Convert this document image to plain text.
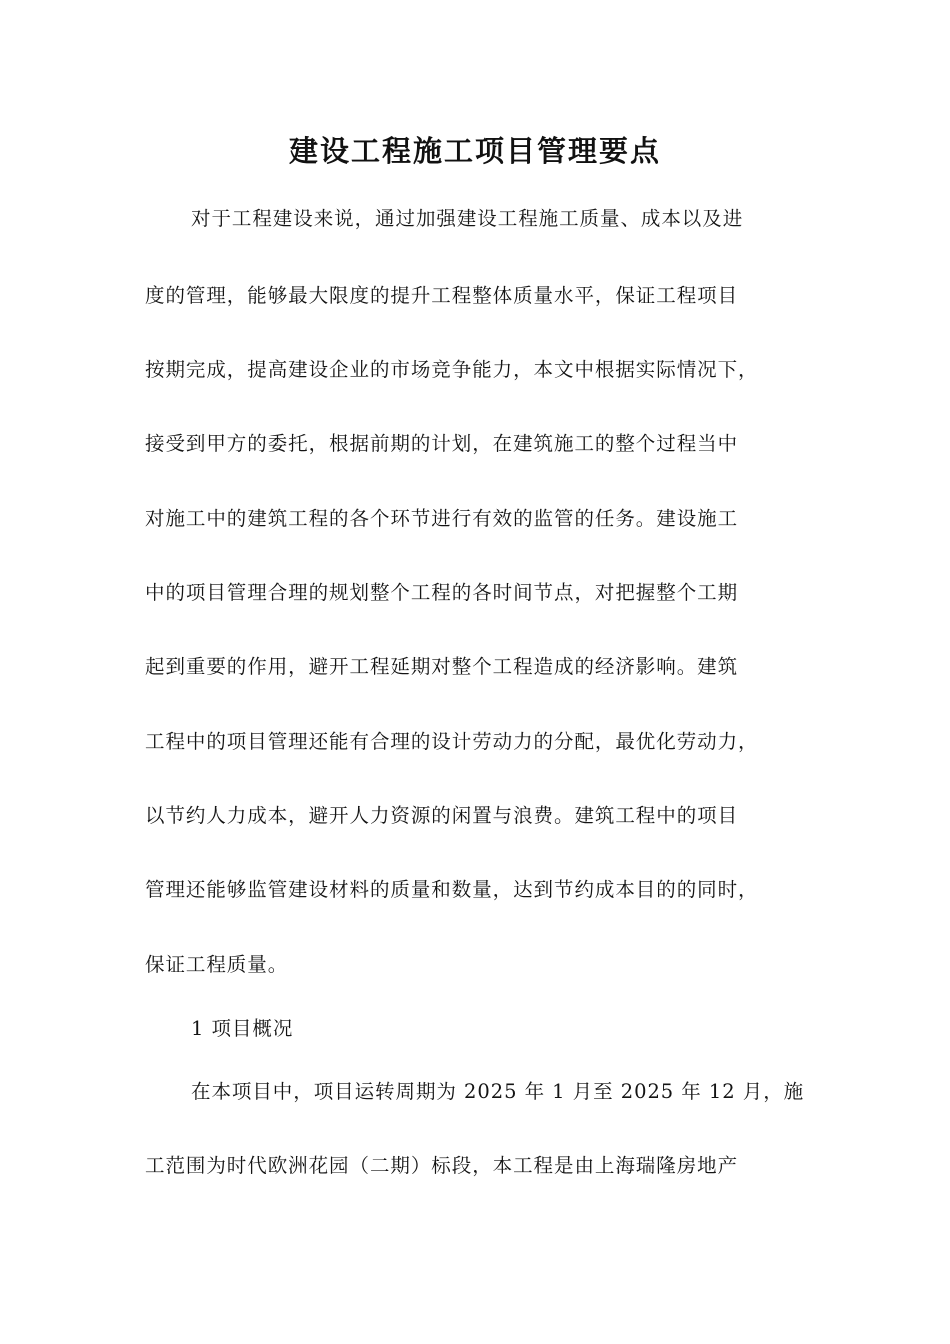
建设工程施工项目管理要点
对于工程建设来说，通过加强建设工程施工质量、成本以及进
度的管理，能够最大限度的提升工程整体质量水平，保证工程项目
按期完成，提高建设企业的市场竞争能力，本文中根据实际情况下，
接受到甲方的委托，根据前期的计划，在建筑施工的整个过程当中
对施工中的建筑工程的各个环节进行有效的监管的任务。建设施工
中的项目管理合理的规划整个工程的各时间节点，对把握整个工期
起到重要的作用，避开工程延期对整个工程造成的经济影响。建筑
工程中的项目管理还能有合理的设计劳动力的分配，最优化劳动力，
以节约人力成本，避开人力资源的闲置与浪费。建筑工程中的项目
管理还能够监管建设材料的质量和数量，达到节约成本目的的同时，
保证工程质量。
1 项目概况
在本项目中，项目运转周期为 2025 年 1 月至 2025 年 12 月，施
工范围为时代欧洲花园（二期）标段，本工程是由上海瑞隆房地产
